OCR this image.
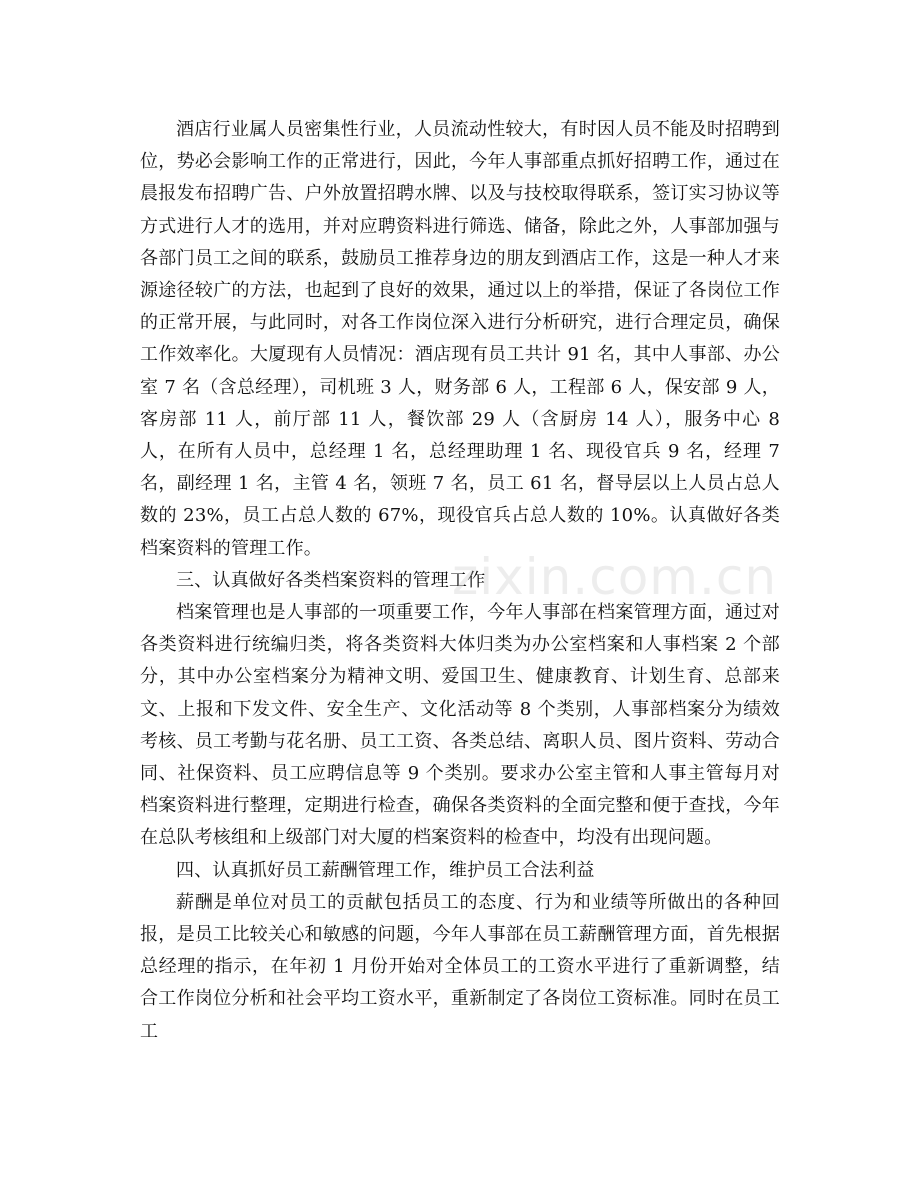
酒店行业属人员密集性行业，人员流动性较大，有时因人员不能及时招聘到位，势必会影响工作的正常进行，因此，今年人事部重点抓好招聘工作，通过在晨报发布招聘广告、户外放置招聘水牌、以及与技校取得联系，签订实习协议等方式进行人才的选用，并对应聘资料进行筛选、储备，除此之外，人事部加强与各部门员工之间的联系，鼓励员工推荐身边的朋友到酒店工作，这是一种人才来源途径较广的方法，也起到了良好的效果，通过以上的举措，保证了各岗位工作的正常开展，与此同时，对各工作岗位深入进行分析研究，进行合理定员，确保工作效率化。大厦现有人员情况：酒店现有员工共计 91 名，其中人事部、办公室 7 名（含总经理），司机班 3 人，财务部 6 人，工程部 6 人，保安部 9 人，客房部 11 人，前厅部 11 人，餐饮部 29 人（含厨房 14 人），服务中心 8 人，在所有人员中，总经理 1 名，总经理助理 1 名、现役官兵 9 名，经理 7 名，副经理 1 名，主管 4 名，领班 7 名，员工 61 名，督导层以上人员占总人数的 23%，员工占总人数的 67%，现役官兵占总人数的 10%。认真做好各类档案资料的管理工作。

三、认真做好各类档案资料的管理工作

档案管理也是人事部的一项重要工作，今年人事部在档案管理方面，通过对各类资料进行统编归类，将各类资料大体归类为办公室档案和人事档案 2 个部分，其中办公室档案分为精神文明、爱国卫生、健康教育、计划生育、总部来文、上报和下发文件、安全生产、文化活动等 8 个类别，人事部档案分为绩效考核、员工考勤与花名册、员工工资、各类总结、离职人员、图片资料、劳动合同、社保资料、员工应聘信息等 9 个类别。要求办公室主管和人事主管每月对档案资料进行整理，定期进行检查，确保各类资料的全面完整和便于查找，今年在总队考核组和上级部门对大厦的档案资料的检查中，均没有出现问题。

四、认真抓好员工薪酬管理工作，维护员工合法利益

薪酬是单位对员工的贡献包括员工的态度、行为和业绩等所做出的各种回报，是员工比较关心和敏感的问题，今年人事部在员工薪酬管理方面，首先根据总经理的指示，在年初 1 月份开始对全体员工的工资水平进行了重新调整，结合工作岗位分析和社会平均工资水平，重新制定了各岗位工资标准。同时在员工工

zixin.com.cn
